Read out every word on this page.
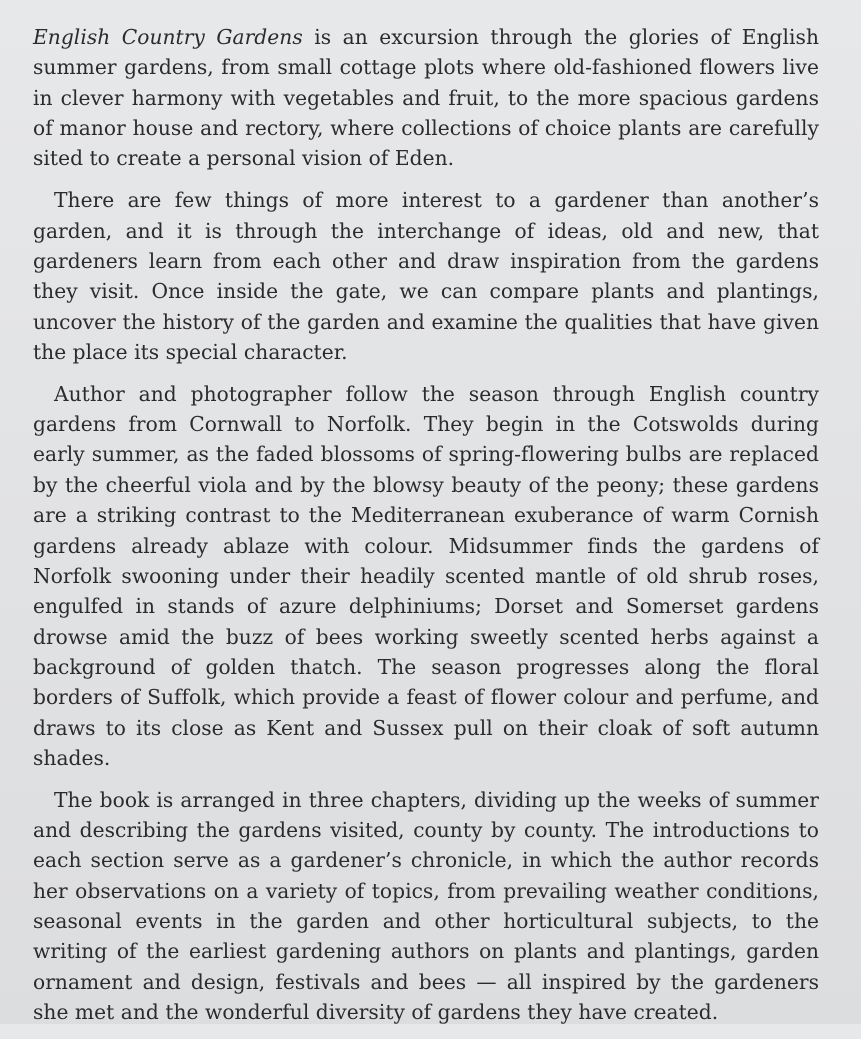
English Country Gardens is an excursion through the glories of English summer gardens, from small cottage plots where old-fashioned flowers live in clever harmony with vegetables and fruit, to the more spacious gardens of manor house and rectory, where collections of choice plants are carefully sited to create a personal vision of Eden.

There are few things of more interest to a gardener than another’s garden, and it is through the interchange of ideas, old and new, that gardeners learn from each other and draw inspiration from the gardens they visit. Once inside the gate, we can compare plants and plantings, uncover the history of the garden and examine the qualities that have given the place its special character.

Author and photographer follow the season through English country gardens from Cornwall to Norfolk. They begin in the Cotswolds during early summer, as the faded blossoms of spring-flowering bulbs are replaced by the cheerful viola and by the blowsy beauty of the peony; these gardens are a striking contrast to the Mediterranean exuberance of warm Cornish gardens already ablaze with colour. Midsummer finds the gardens of Norfolk swooning under their headily scented mantle of old shrub roses, engulfed in stands of azure delphiniums; Dorset and Somerset gardens drowse amid the buzz of bees working sweetly scented herbs against a background of golden thatch. The season progresses along the floral borders of Suffolk, which provide a feast of flower colour and perfume, and draws to its close as Kent and Sussex pull on their cloak of soft autumn shades.

The book is arranged in three chapters, dividing up the weeks of summer and describing the gardens visited, county by county. The introductions to each section serve as a gardener’s chronicle, in which the author records her observations on a variety of topics, from prevailing weather conditions, seasonal events in the garden and other horticultural subjects, to the writing of the earliest gardening authors on plants and plantings, garden ornament and design, festivals and bees — all inspired by the gardeners she met and the wonderful diversity of gardens they have created.
